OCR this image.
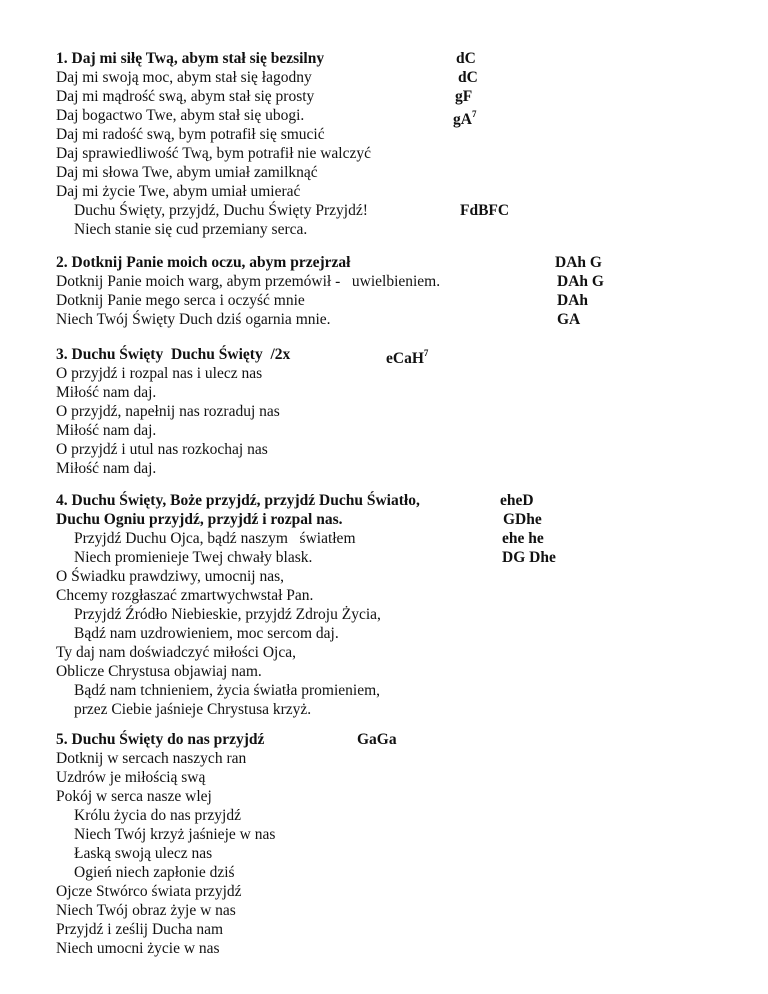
1. Daj mi siłę Twą, abym stał się bezsilny
Daj mi swoją moc, abym stał się łagodny
Daj mi mądrość swą, abym stał się prosty
Daj bogactwo Twe, abym stał się ubogi.
Daj mi radość swą, bym potrafił się smucić
Daj sprawiedliwość Twą, bym potrafił nie walczyć
Daj mi słowa Twe, abym umiał zamilknąć
Daj mi życie Twe, abym umiał umierać
Duchu Święty, przyjdź, Duchu Święty Przyjdź!
Niech stanie się cud przemiany serca.
dC
dC
gF
$gA^7$
FdBFC
2. Dotknij Panie moich oczu, abym przejrzał
Dotknij Panie moich warg, abym przemówił -   uwielbieniem.
Dotknij Panie mego serca i oczyść mnie
Niech Twój Święty Duch dziś ogarnia mnie.
DAh G
DAh G
DAh
GA
3. Duchu Święty  Duchu Święty  /2x
O przyjdź i rozpal nas i ulecz nas
Miłość nam daj.
O przyjdź, napełnij nas rozraduj nas
Miłość nam daj.
O przyjdź i utul nas rozkochaj nas
Miłość nam daj.
eCaH$^7$
4. Duchu Święty, Boże przyjdź, przyjdź Duchu Światło,
Duchu Ogniu przyjdź, przyjdź i rozpal nas.
Przyjdź Duchu Ojca, bądź naszym   światłem
Niech promienieje Twej chwały blask.
O Świadku prawdziwy, umocnij nas,
Chcemy rozgłaszać zmartwychwstał Pan.
Przyjdź Źródło Niebieskie, przyjdź Zdroju Życia,
Bądź nam uzdrowieniem, moc sercom daj.
Ty daj nam doświadczyć miłości Ojca,
Oblicze Chrystusa objawiaj nam.
Bądź nam tchnieniem, życia światła promieniem,
przez Ciebie jaśnieje Chrystusa krzyż.
eheD
GDhe
ehe he
DG Dhe
5. Duchu Święty do nas przyjdź
Dotknij w sercach naszych ran
Uzdrów je miłością swą
Pokój w serca nasze wlej
Królu życia do nas przyjdź
Niech Twój krzyż jaśnieje w nas
Łaską swoją ulecz nas
Ogień niech zapłonie dziś
Ojcze Stwórco świata przyjdź
Niech Twój obraz żyje w nas
Przyjdź i ześlij Ducha nam
Niech umocni życie w nas
GaGa
